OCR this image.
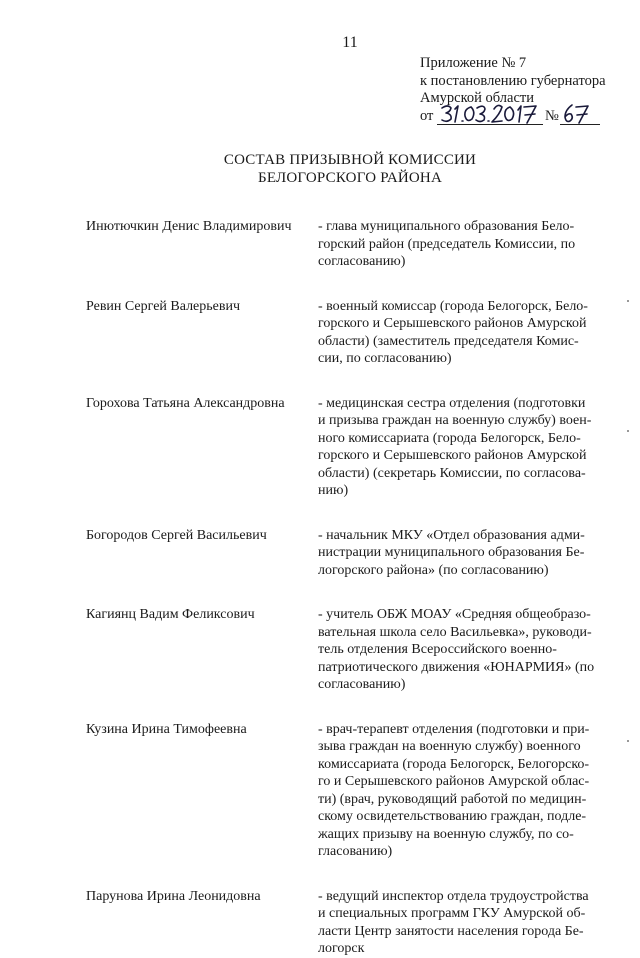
11
Приложение № 7
к постановлению губернатора
Амурской области
от	№
СОСТАВ ПРИЗЫВНОЙ КОМИССИИ
БЕЛОГОРСКОГО РАЙОНА
Инютючкин Денис Владимирович	- глава муниципального образования Бело-
горский район (председатель Комиссии, по
согласованию)
Ревин Сергей Валерьевич	- военный комиссар (города Белогорск, Бело-
горского и Серышевского районов Амурской
области) (заместитель председателя Комис-
сии, по согласованию)
Горохова Татьяна Александровна	- медицинская сестра отделения (подготовки
и призыва граждан на военную службу) воен-
ного комиссариата (города Белогорск, Бело-
горского и Серышевского районов Амурской
области) (секретарь Комиссии, по согласова-
нию)
Богородов Сергей Васильевич	- начальник МКУ «Отдел образования адми-
нистрации муниципального образования Бе-
логорского района» (по согласованию)
Кагиянц Вадим Феликсович	- учитель ОБЖ МОАУ «Средняя общеобразо-
вательная школа село Васильевка», руководи-
тель отделения Всероссийского военно-
патриотического движения «ЮНАРМИЯ» (по
согласованию)
Кузина Ирина Тимофеевна	- врач-терапевт отделения (подготовки и при-
зыва граждан на военную службу) военного
комиссариата (города Белогорск, Белогорско-
го и Серышевского районов Амурской облас-
ти) (врач, руководящий работой по медицин-
скому освидетельствованию граждан, подле-
жащих призыву на военную службу, по со-
гласованию)
Парунова Ирина Леонидовна	- ведущий инспектор отдела трудоустройства
и специальных программ ГКУ Амурской об-
ласти Центр занятости населения города Бе-
логорск
